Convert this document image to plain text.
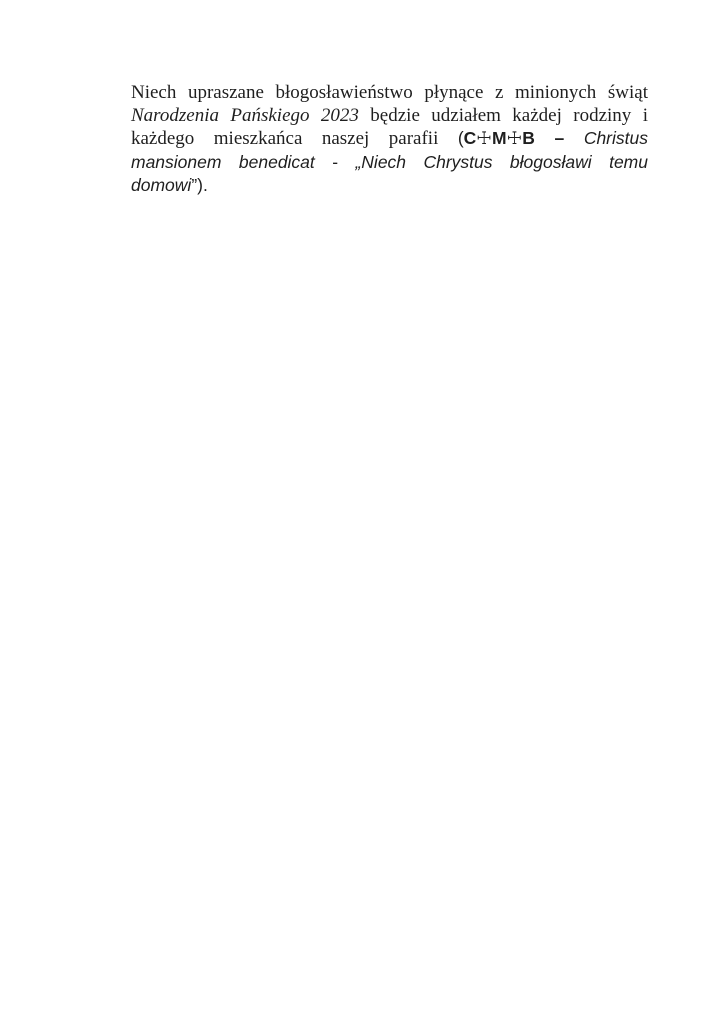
Niech upraszane błogosławieństwo płynące z minionych świąt
Narodzenia Pańskiego 2023 będzie udziałem każdej rodziny i
każdego mieszkańca naszej parafii (C☩M☩B – Christus
mansionem benedicat - „Niech Chrystus błogosławi temu
domowi”).
